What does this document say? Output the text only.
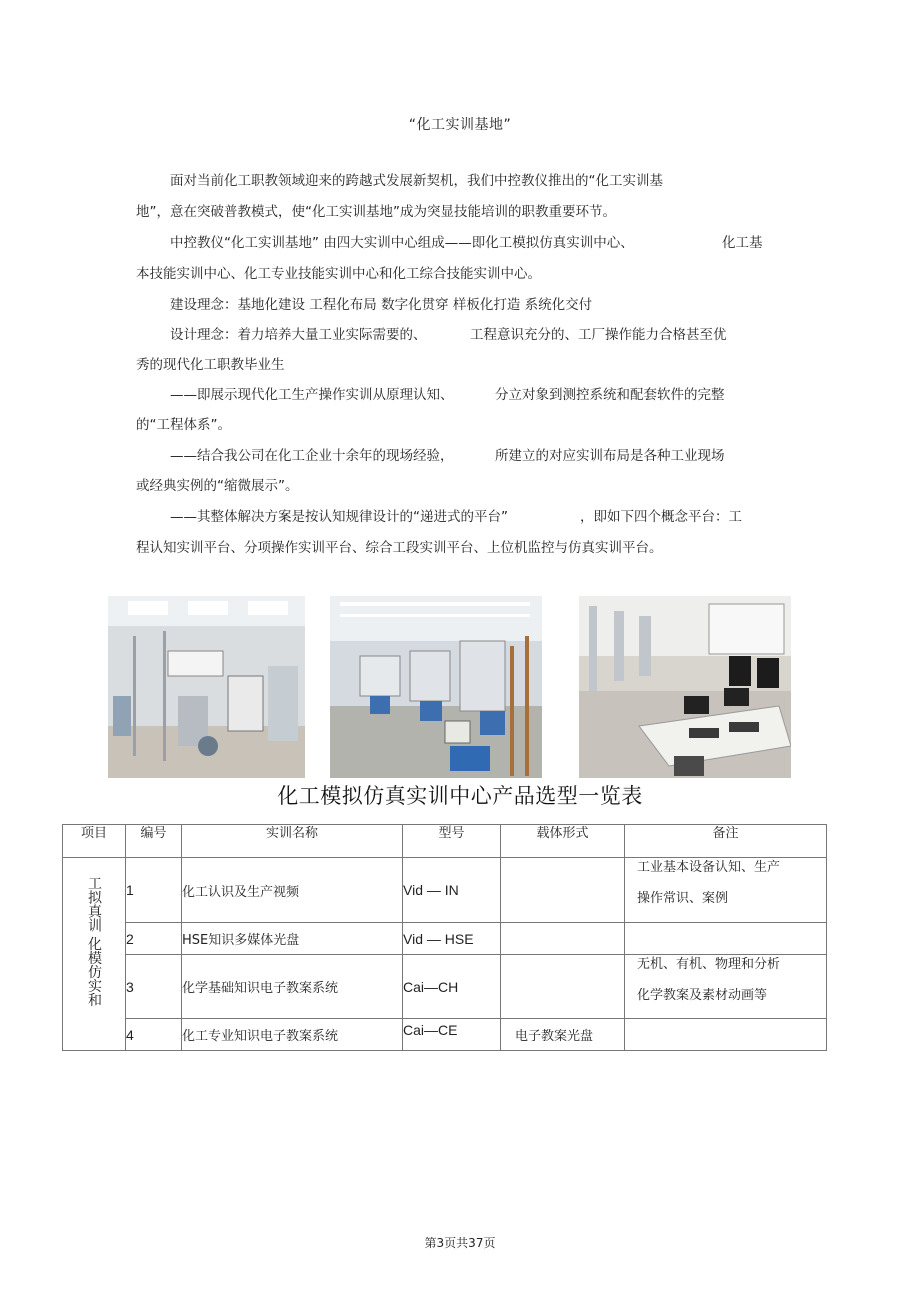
“化工实训基地”
面对当前化工职教领域迎来的跨越式发展新契机，我们中控教仪推出的“化工实训基
地”，意在突破普教模式，使“化工实训基地”成为突显技能培训的职教重要环节。
中控教仪“化工实训基地” 由四大实训中心组成——即化工模拟仿真实训中心、	化工基
本技能实训中心、化工专业技能实训中心和化工综合技能实训中心。
建设理念：基地化建设 工程化布局 数字化贯穿 样板化打造 系统化交付
设计理念：着力培养大量工业实际需要的、	工程意识充分的、工厂操作能力合格甚至优
秀的现代化工职教毕业生
——即展示现代化工生产操作实训从原理认知、	分立对象到测控系统和配套软件的完整
的“工程体系”。
——结合我公司在化工企业十余年的现场经验，	所建立的对应实训布局是各种工业现场
或经典实例的“缩微展示”。
——其整体解决方案是按认知规律设计的“递进式的平台”	，即如下四个概念平台：工
程认知实训平台、分项操作实训平台、综合工段实训平台、上位机监控与仿真实训平台。
化工模拟仿真实训中心产品选型一览表
项目	编号	实训名称	型号	载体形式	备注
工拟真训 化模仿实和	1	化工认识及生产视频	Vid — IN		工业基本设备认知、生产
操作常识、案例

	2	HSE知识多媒体光盘	Vid — HSE		
	3	化学基础知识电子教案系统	Cai—CH		无机、有机、物理和分析
化学教案及素材动画等

	4	化工专业知识电子教案系统	Cai—CE	电子教案光盘	
第3页共37页
